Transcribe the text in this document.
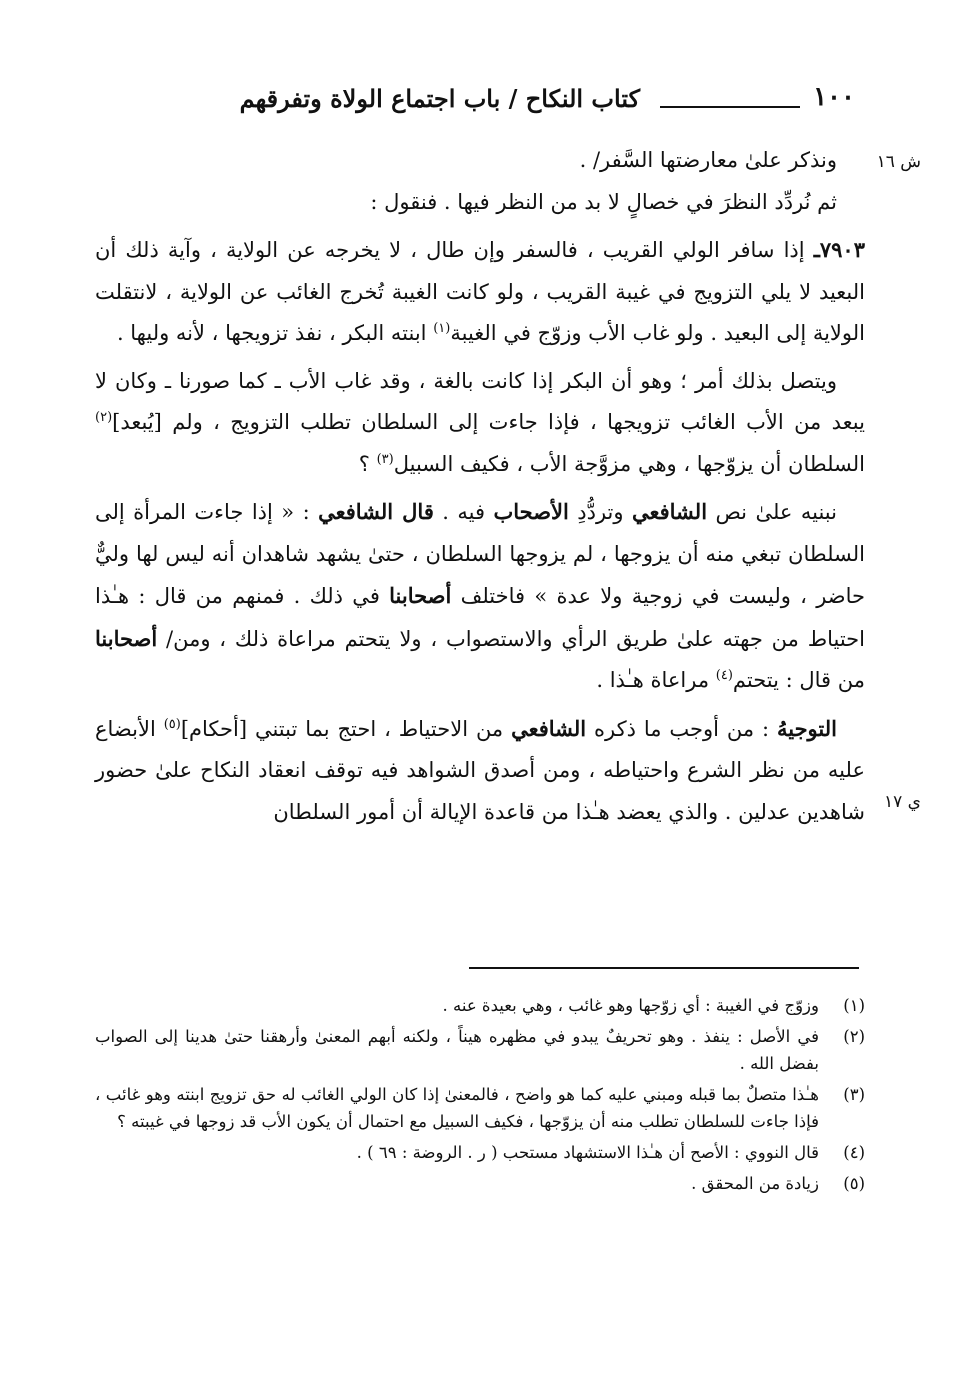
١٠٠
كتاب النكاح / باب اجتماع الولاة وتفرقهم
ش ١٦
ي ١٧

ونذكر علىٰ معارضتها السَّفر/ .

ثم نُردِّد النظرَ في خصالٍ لا بد من النظر فيها . فنقول :

٧٩٠٣ـ إذا سافر الولي القريب ، فالسفر وإن طال ، لا يخرجه عن الولاية ، وآية ذلك أن البعيد لا يلي التزويج في غيبة القريب ، ولو كانت الغيبة تُخرج الغائب عن الولاية ، لانتقلت الولاية إلى البعيد . ولو غاب الأب وزوّج في الغيبة$^{(١)}$ ابنته البكر ، نفذ تزويجها ، لأنه وليها .

ويتصل بذلك أمر ؛ وهو أن البكر إذا كانت بالغة ، وقد غاب الأب ـ كما صورنا ـ وكان لا يبعد من الأب الغائب تزويجها ، فإذا جاءت إلى السلطان تطلب التزويج ، ولم [يُبعد]$^{(٢)}$ السلطان أن يزوّجها ، وهي مزوَّجة الأب ، فكيف السبيل$^{(٣)}$ ؟

نبنيه علىٰ نص الشافعي وتردُّدِ الأصحاب فيه . قال الشافعي : « إذا جاءت المرأة إلى السلطان تبغي منه أن يزوجها ، لم يزوجها السلطان ، حتىٰ يشهد شاهدان أنه ليس لها وليٌّ حاضر ، وليست في زوجية ولا عدة » فاختلف أصحابنا في ذلك . فمنهم من قال : هـٰذا احتياط من جهته علىٰ طريق الرأي والاستصواب ، ولا يتحتم مراعاة ذلك ، ومن/ أصحابنا من قال : يتحتم$^{(٤)}$ مراعاة هـٰذا .

التوجيهُ : من أوجب ما ذكره الشافعي من الاحتياط ، احتج بما تبتني [أحكام]$^{(٥)}$ الأبضاع عليه من نظر الشرع واحتياطه ، ومن أصدق الشواهد فيه توقف انعقاد النكاح علىٰ حضور شاهدين عدلين . والذي يعضد هـٰذا من قاعدة الإيالة أن أمور السلطان

(١)
وزوّج في الغيبة : أي زوّجها وهو غائب ، وهي بعيدة عنه .
(٢)
في الأصل : ينفذ . وهو تحريفٌ يبدو في مظهره هيناً ، ولكنه أبهم المعنىٰ وأرهقنا حتىٰ هدينا إلى الصواب بفضل الله .
(٣)
هـٰذا متصلٌ بما قبله ومبني عليه كما هو واضح ، فالمعنىٰ إذا كان الولي الغائب له حق تزويج ابنته وهو غائب ، فإذا جاءت للسلطان تطلب منه أن يزوّجها ، فكيف السبيل مع احتمال أن يكون الأب قد زوجها في غيبته ؟
(٤)
قال النووي : الأصح أن هـٰذا الاستشهاد مستحب ( ر . الروضة : ٦٩ ) .
(٥)
زيادة من المحقق .
